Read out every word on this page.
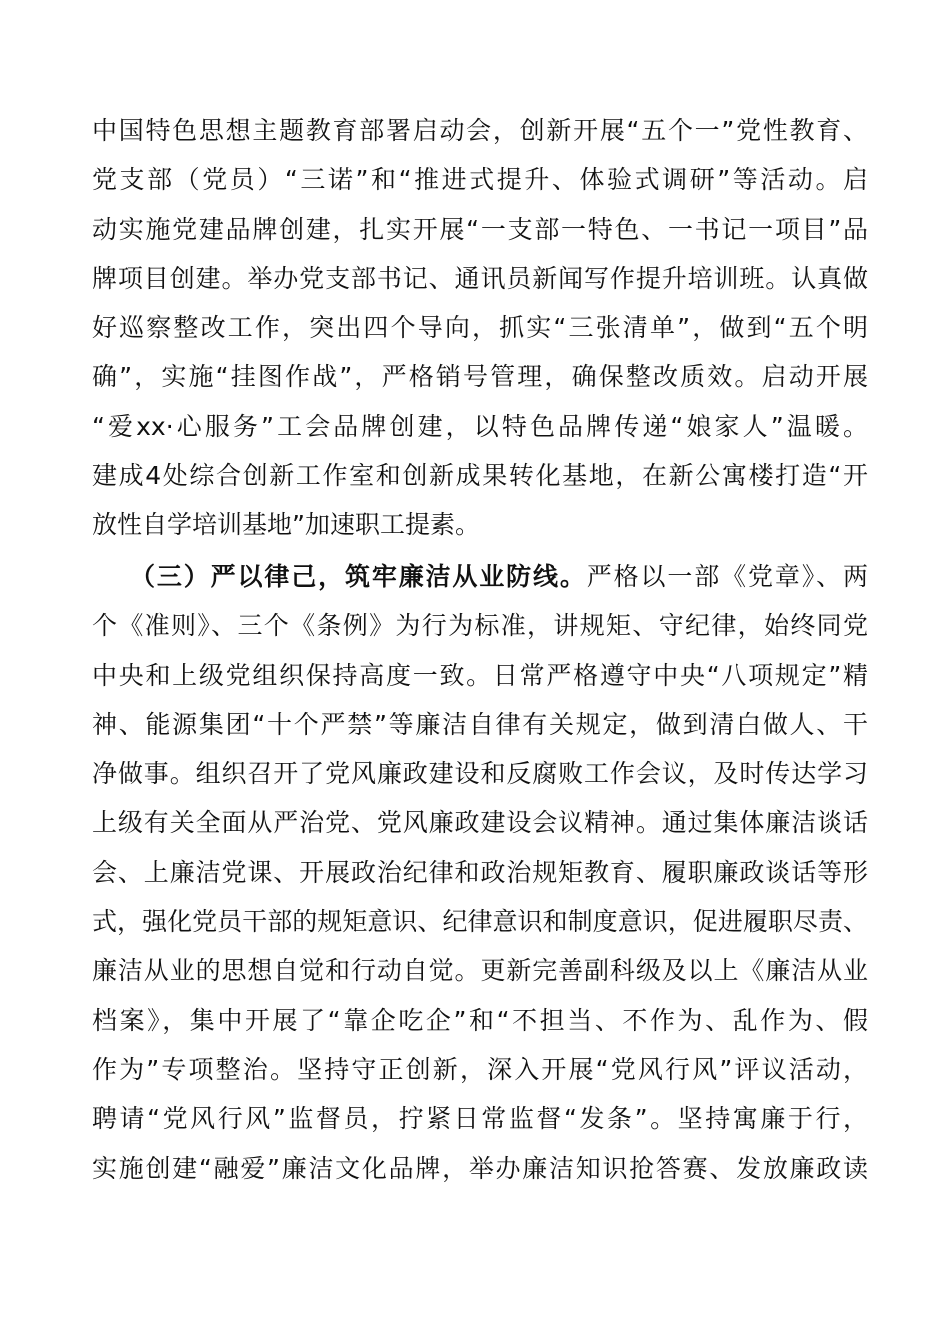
中国特色思想主题教育部署启动会，创新开展“五个一”党性教育、
党支部（党员）“三诺”和“推进式提升、体验式调研”等活动。启
动实施党建品牌创建，扎实开展“一支部一特色、一书记一项目”品
牌项目创建。举办党支部书记、通讯员新闻写作提升培训班。认真做
好巡察整改工作，突出四个导向，抓实“三张清单”，做到“五个明
确”，实施“挂图作战”，严格销号管理，确保整改质效。启动开展
“爱xx·心服务”工会品牌创建，以特色品牌传递“娘家人”温暖。
建成4处综合创新工作室和创新成果转化基地，在新公寓楼打造“开
放性自学培训基地”加速职工提素。
（三）严以律己，筑牢廉洁从业防线。严格以一部《党章》、两
个《准则》、三个《条例》为行为标准，讲规矩、守纪律，始终同党
中央和上级党组织保持高度一致。日常严格遵守中央“八项规定”精
神、能源集团“十个严禁”等廉洁自律有关规定，做到清白做人、干
净做事。组织召开了党风廉政建设和反腐败工作会议，及时传达学习
上级有关全面从严治党、党风廉政建设会议精神。通过集体廉洁谈话
会、上廉洁党课、开展政治纪律和政治规矩教育、履职廉政谈话等形
式，强化党员干部的规矩意识、纪律意识和制度意识，促进履职尽责、
廉洁从业的思想自觉和行动自觉。更新完善副科级及以上《廉洁从业
档案》，集中开展了“靠企吃企”和“不担当、不作为、乱作为、假
作为”专项整治。坚持守正创新，深入开展“党风行风”评议活动，
聘请“党风行风”监督员，拧紧日常监督“发条”。坚持寓廉于行，
实施创建“融爱”廉洁文化品牌，举办廉洁知识抢答赛、发放廉政读
